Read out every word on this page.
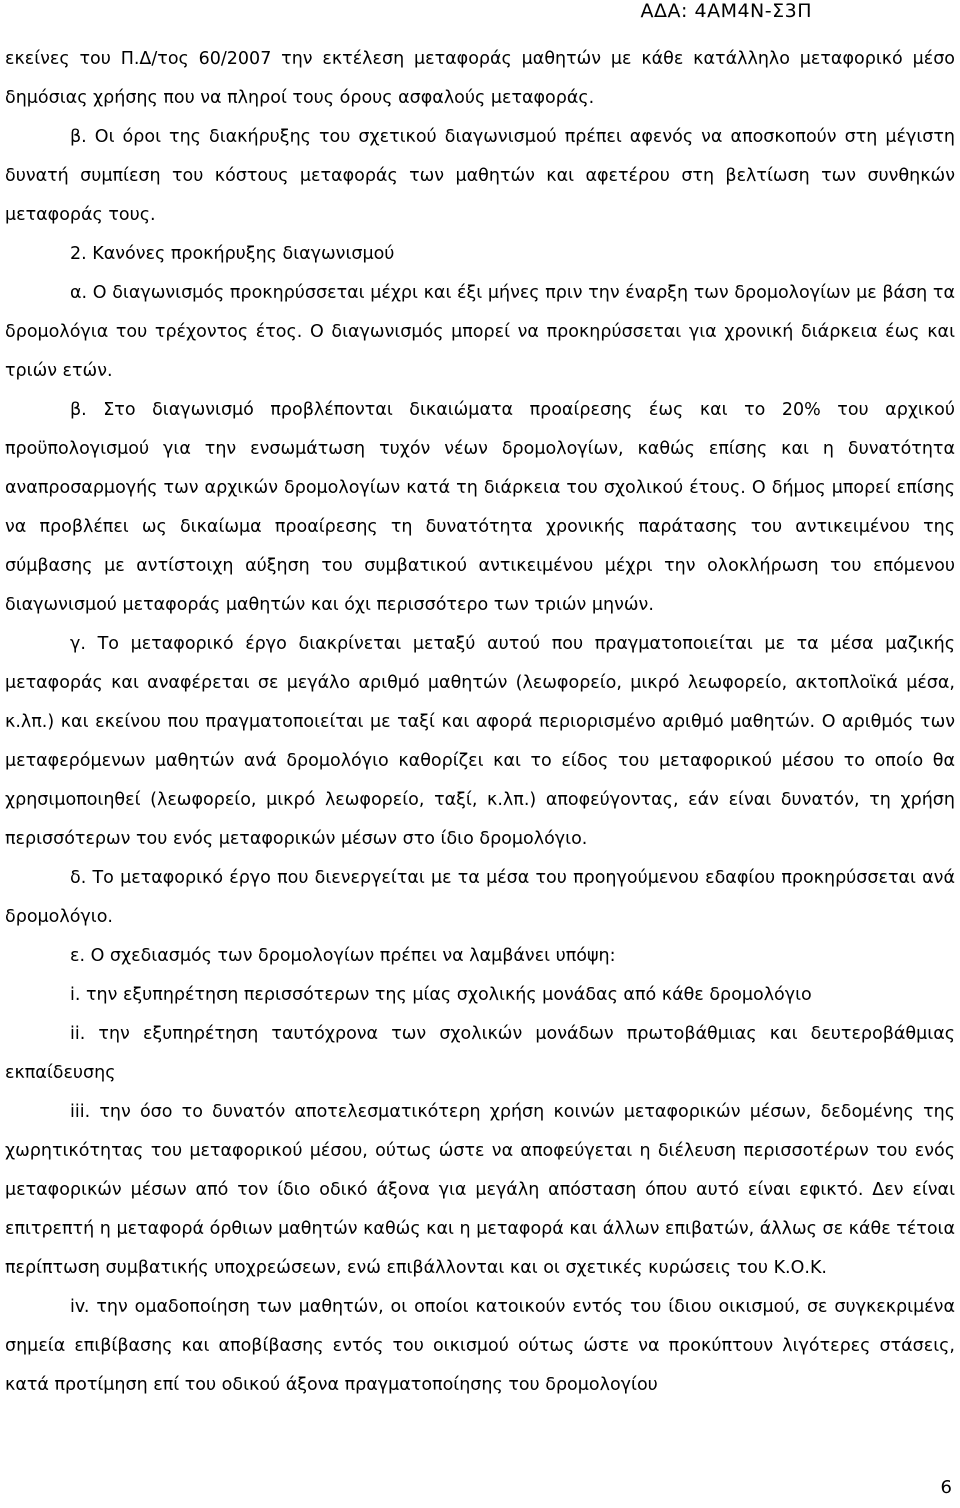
ΑΔΑ: 4ΑΜ4Ν-Σ3Π

εκείνες του Π.Δ/τος 60/2007 την εκτέλεση μεταφοράς μαθητών με κάθε κατάλληλο μεταφορικό μέσο δημόσιας χρήσης που να πληροί τους όρους ασφαλούς μεταφοράς.

β. Οι όροι της διακήρυξης του σχετικού διαγωνισμού πρέπει αφενός να αποσκοπούν στη μέγιστη δυνατή συμπίεση του κόστους μεταφοράς των μαθητών και αφετέρου στη βελτίωση των συνθηκών μεταφοράς τους.

2. Κανόνες προκήρυξης διαγωνισμού

α. Ο διαγωνισμός προκηρύσσεται μέχρι και έξι μήνες πριν την έναρξη των δρομολογίων με βάση τα δρομολόγια του τρέχοντος έτος. Ο διαγωνισμός μπορεί να προκηρύσσεται για χρονική διάρκεια έως και τριών ετών.

β. Στο διαγωνισμό προβλέπονται δικαιώματα προαίρεσης έως και το 20% του αρχικού προϋπολογισμού για την ενσωμάτωση τυχόν νέων δρομολογίων, καθώς επίσης και η δυνατότητα αναπροσαρμογής των αρχικών δρομολογίων κατά τη διάρκεια του σχολικού έτους. Ο δήμος μπορεί επίσης να προβλέπει ως δικαίωμα προαίρεσης τη δυνατότητα χρονικής παράτασης του αντικειμένου της σύμβασης με αντίστοιχη αύξηση του συμβατικού αντικειμένου μέχρι την ολοκλήρωση του επόμενου διαγωνισμού μεταφοράς μαθητών και όχι περισσότερο των τριών μηνών.

γ. Το μεταφορικό έργο διακρίνεται μεταξύ αυτού που πραγματοποιείται με τα μέσα μαζικής μεταφοράς και αναφέρεται σε μεγάλο αριθμό μαθητών (λεωφορείο, μικρό λεωφορείο, ακτοπλοϊκά μέσα, κ.λπ.) και εκείνου που πραγματοποιείται με ταξί και αφορά περιορισμένο αριθμό μαθητών. Ο αριθμός των μεταφερόμενων μαθητών ανά δρομολόγιο καθορίζει και το είδος του μεταφορικού μέσου το οποίο θα χρησιμοποιηθεί (λεωφορείο, μικρό λεωφορείο, ταξί, κ.λπ.) αποφεύγοντας, εάν είναι δυνατόν, τη χρήση περισσότερων του ενός μεταφορικών μέσων στο ίδιο δρομολόγιο.

δ. Το μεταφορικό έργο που διενεργείται με τα μέσα του προηγούμενου εδαφίου προκηρύσσεται ανά δρομολόγιο.

ε. Ο σχεδιασμός των δρομολογίων πρέπει να λαμβάνει υπόψη:

i. την εξυπηρέτηση περισσότερων της μίας σχολικής μονάδας από κάθε δρομολόγιο

ii. την εξυπηρέτηση ταυτόχρονα των σχολικών μονάδων πρωτοβάθμιας και δευτεροβάθμιας εκπαίδευσης

iii. την όσο το δυνατόν αποτελεσματικότερη χρήση κοινών μεταφορικών μέσων, δεδομένης της χωρητικότητας του μεταφορικού μέσου, ούτως ώστε να αποφεύγεται η διέλευση περισσοτέρων του ενός μεταφορικών μέσων από τον ίδιο οδικό άξονα για μεγάλη απόσταση όπου αυτό είναι εφικτό. Δεν είναι επιτρεπτή η μεταφορά όρθιων μαθητών καθώς και η μεταφορά και άλλων επιβατών, άλλως σε κάθε τέτοια περίπτωση συμβατικής υποχρεώσεων, ενώ επιβάλλονται και οι σχετικές κυρώσεις του Κ.Ο.Κ.

iv. την ομαδοποίηση των μαθητών, οι οποίοι κατοικούν εντός του ίδιου οικισμού, σε συγκεκριμένα σημεία επιβίβασης και αποβίβασης εντός του οικισμού ούτως ώστε να προκύπτουν λιγότερες στάσεις, κατά προτίμηση επί του οδικού άξονα πραγματοποίησης του δρομολογίου

6
